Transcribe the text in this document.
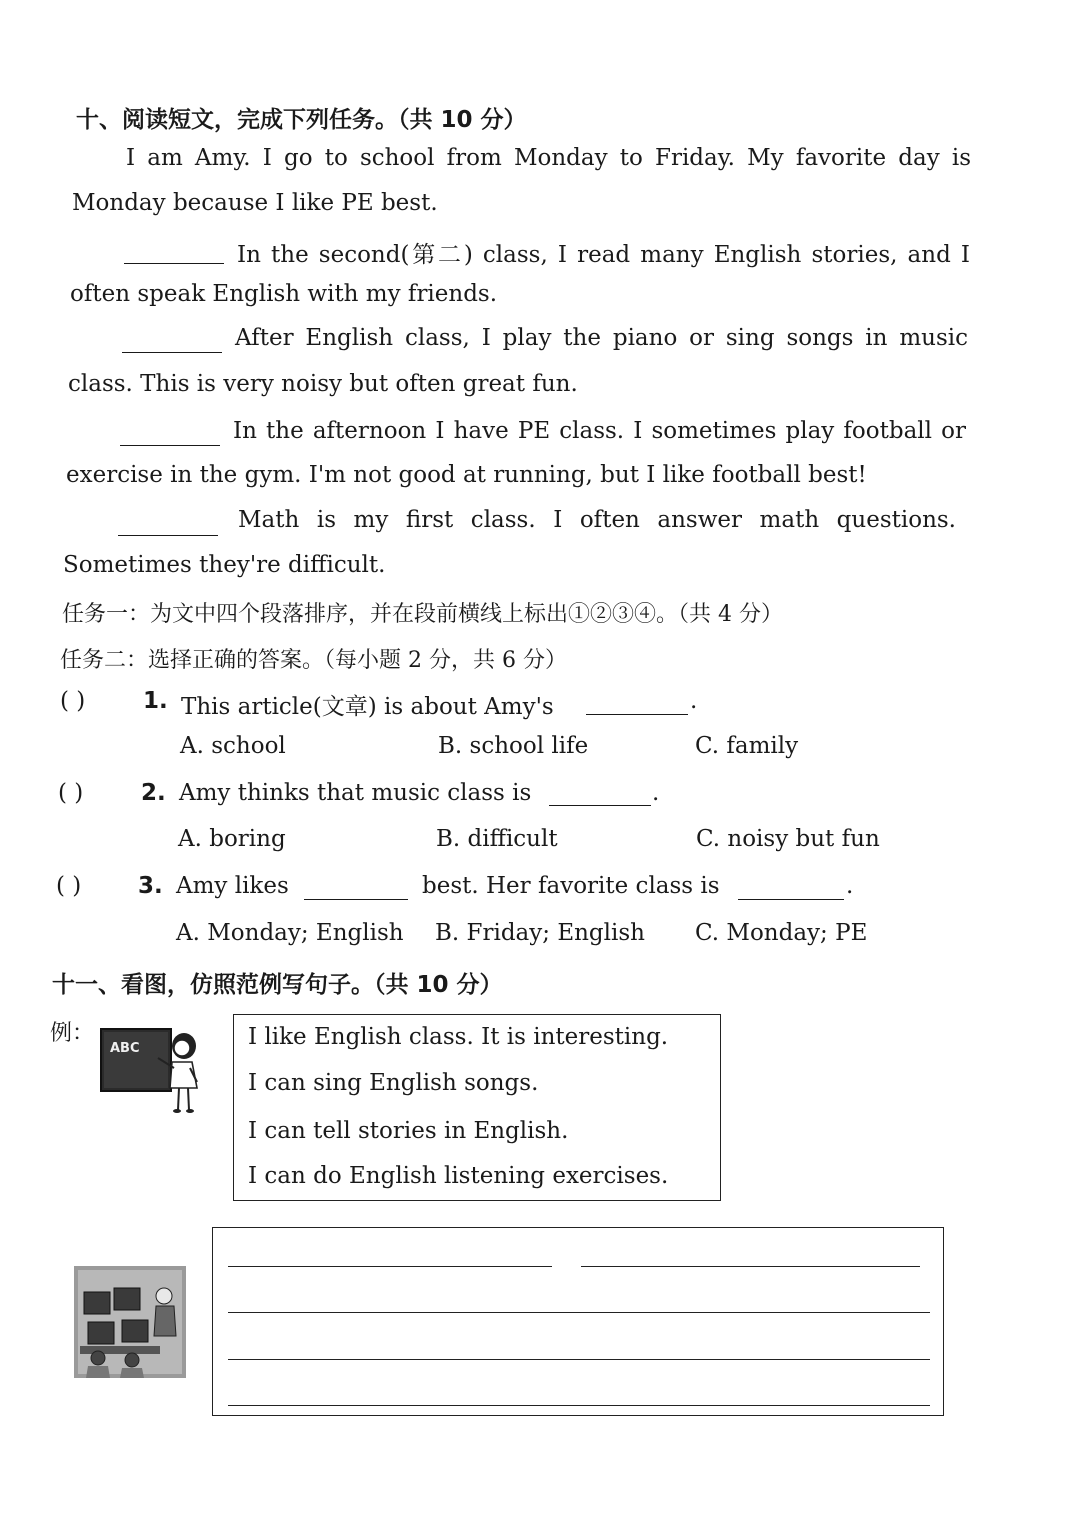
十、阅读短文，完成下列任务。（共 10 分）
I am Amy. I go to school from Monday to Friday. My favorite day is
Monday because I like PE best.
In the second(第二) class, I read many English stories, and I
often speak English with my friends.
After English class, I play the piano or sing songs in music
class. This is very noisy but often great fun.
In the afternoon I have PE class. I sometimes play football or
exercise in the gym. I'm not good at running, but I like football best!
Math is my first class. I often answer math questions.
Sometimes they're difficult.
任务一：为文中四个段落排序，并在段前横线上标出①②③④。（共 4 分）
任务二：选择正确的答案。（每小题 2 分，共 6 分）
( )	1. This article(文章) is about Amy's	.
A. school	B. school life	C. family
( )	2. Amy thinks that music class is	.
A. boring	B. difficult	C. noisy but fun
( ) 3. Amy likes	best. Her favorite class is	.
A. Monday; English B. Friday; English C. Monday; PE
十一、看图，仿照范例写句子。（共 10 分）
例：
ABC	I like English class. It is interesting.
I can sing English songs.
I can tell stories in English.
I can do English listening exercises.
